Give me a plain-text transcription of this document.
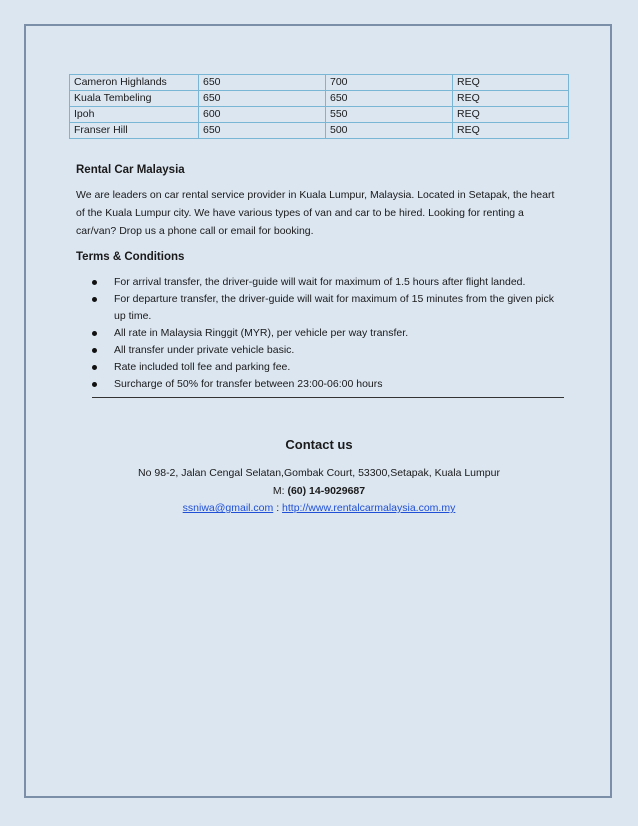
Cameron Highlands	650	700	REQ
Kuala Tembeling	650	650	REQ
Ipoh	600	550	REQ
Franser Hill	650	500	REQ
Rental Car Malaysia

We are leaders on car rental service provider in Kuala Lumpur, Malaysia. Located in Setapak, the heart of the Kuala Lumpur city. We have various types of van and car to be hired. Looking for renting a car/van? Drop us a phone call or email for booking.

Terms & Conditions
For arrival transfer, the driver-guide will wait for maximum of 1.5 hours after flight landed.
For departure transfer, the driver-guide will wait for maximum of 15 minutes from the given pick up time.
All rate in Malaysia Ringgit (MYR), per vehicle per way transfer.
All transfer under private vehicle basic.
Rate included toll fee and parking fee.
Surcharge of 50% for transfer between 23:00-06:00 hours
Contact us
No 98-2, Jalan Cengal Selatan,Gombak Court, 53300,Setapak, Kuala Lumpur
M: (60) 14-9029687
ssniwa@gmail.com : http://www.rentalcarmalaysia.com.my
